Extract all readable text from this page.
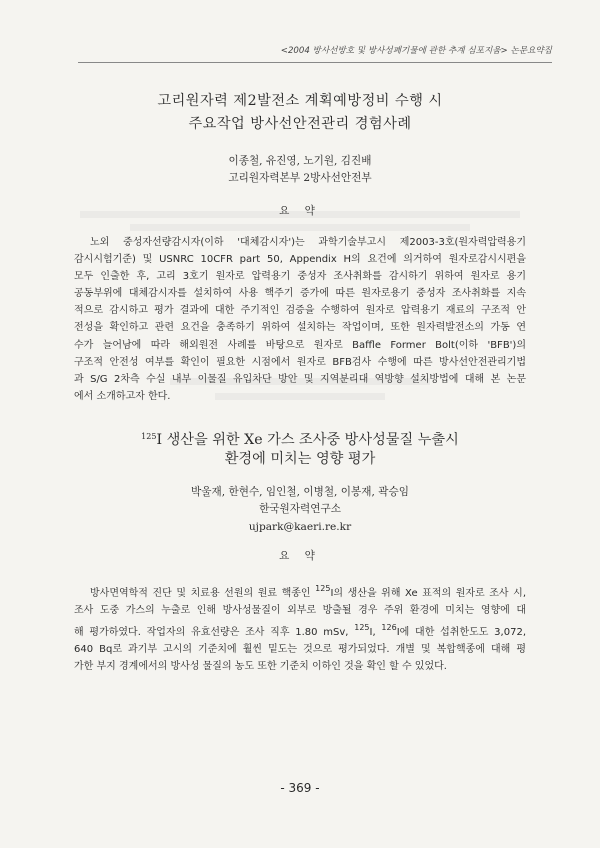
<2004 방사선방호 및 방사성폐기물에 관한 추계 심포지움> 논문요약집
고리원자력 제2발전소 계획예방정비 수행 시
주요작업 방사선안전관리 경험사례
이종철, 유진영, 노기원, 김진배
고리원자력본부 2방사선안전부
요 약
노외 중성자선량감시자(이하 '대체감시자')는 과학기술부고시 제2003-3호(원자력압력용기
감시시험기준) 및 USNRC 10CFR part 50, Appendix H의 요건에 의거하여 원자로감시시편을
모두 인출한 후, 고리 3호기 원자로 압력용기 중성자 조사취화를 감시하기 위하여 원자로 용기
공동부위에 대체감시자를 설치하여 사용 핵주기 증가에 따른 원자로용기 중성자 조사취화를 지속
적으로 감시하고 평가 결과에 대한 주기적인 검증을 수행하여 원자로 압력용기 재료의 구조적 안
전성을 확인하고 관련 요건을 충족하기 위하여 설치하는 작업이며, 또한 원자력발전소의 가동 연
수가 늘어남에 따라 해외원전 사례를 바탕으로 원자로 Baffle Former Bolt(이하 'BFB')의
구조적 안전성 여부를 확인이 필요한 시점에서 원자로 BFB검사 수행에 따른 방사선안전관리기법
과 S/G 2차측 수실 내부 이물질 유입차단 방안 및 지역분리대 역방향 설치방법에 대해 본 논문
에서 소개하고자 한다.
$^{125}$I 생산을 위한 Xe 가스 조사중 방사성물질 누출시
환경에 미치는 영향 평가
박울재, 한현수, 임인철, 이병철, 이봉재, 곽승임
한국원자력연구소
ujpark@kaeri.re.kr
요 약
방사면역학적 진단 및 치료용 선원의 원료 핵종인 $^{125}$I의 생산을 위해 Xe 표적의 원자로 조사 시,
조사 도중 가스의 누출로 인해 방사성물질이 외부로 방출될 경우 주위 환경에 미치는 영향에 대
해 평가하였다. 작업자의 유효선량은 조사 직후 1.80 mSv, $^{125}$I, $^{126}$I에 대한 섭취한도도 3,072,
640 Bq로 과기부 고시의 기준치에 훨씬 밑도는 것으로 평가되었다. 개별 및 복합핵종에 대해 평
가한 부지 경계에서의 방사성 물질의 농도 또한 기준치 이하인 것을 확인 할 수 있었다.
- 369 -
